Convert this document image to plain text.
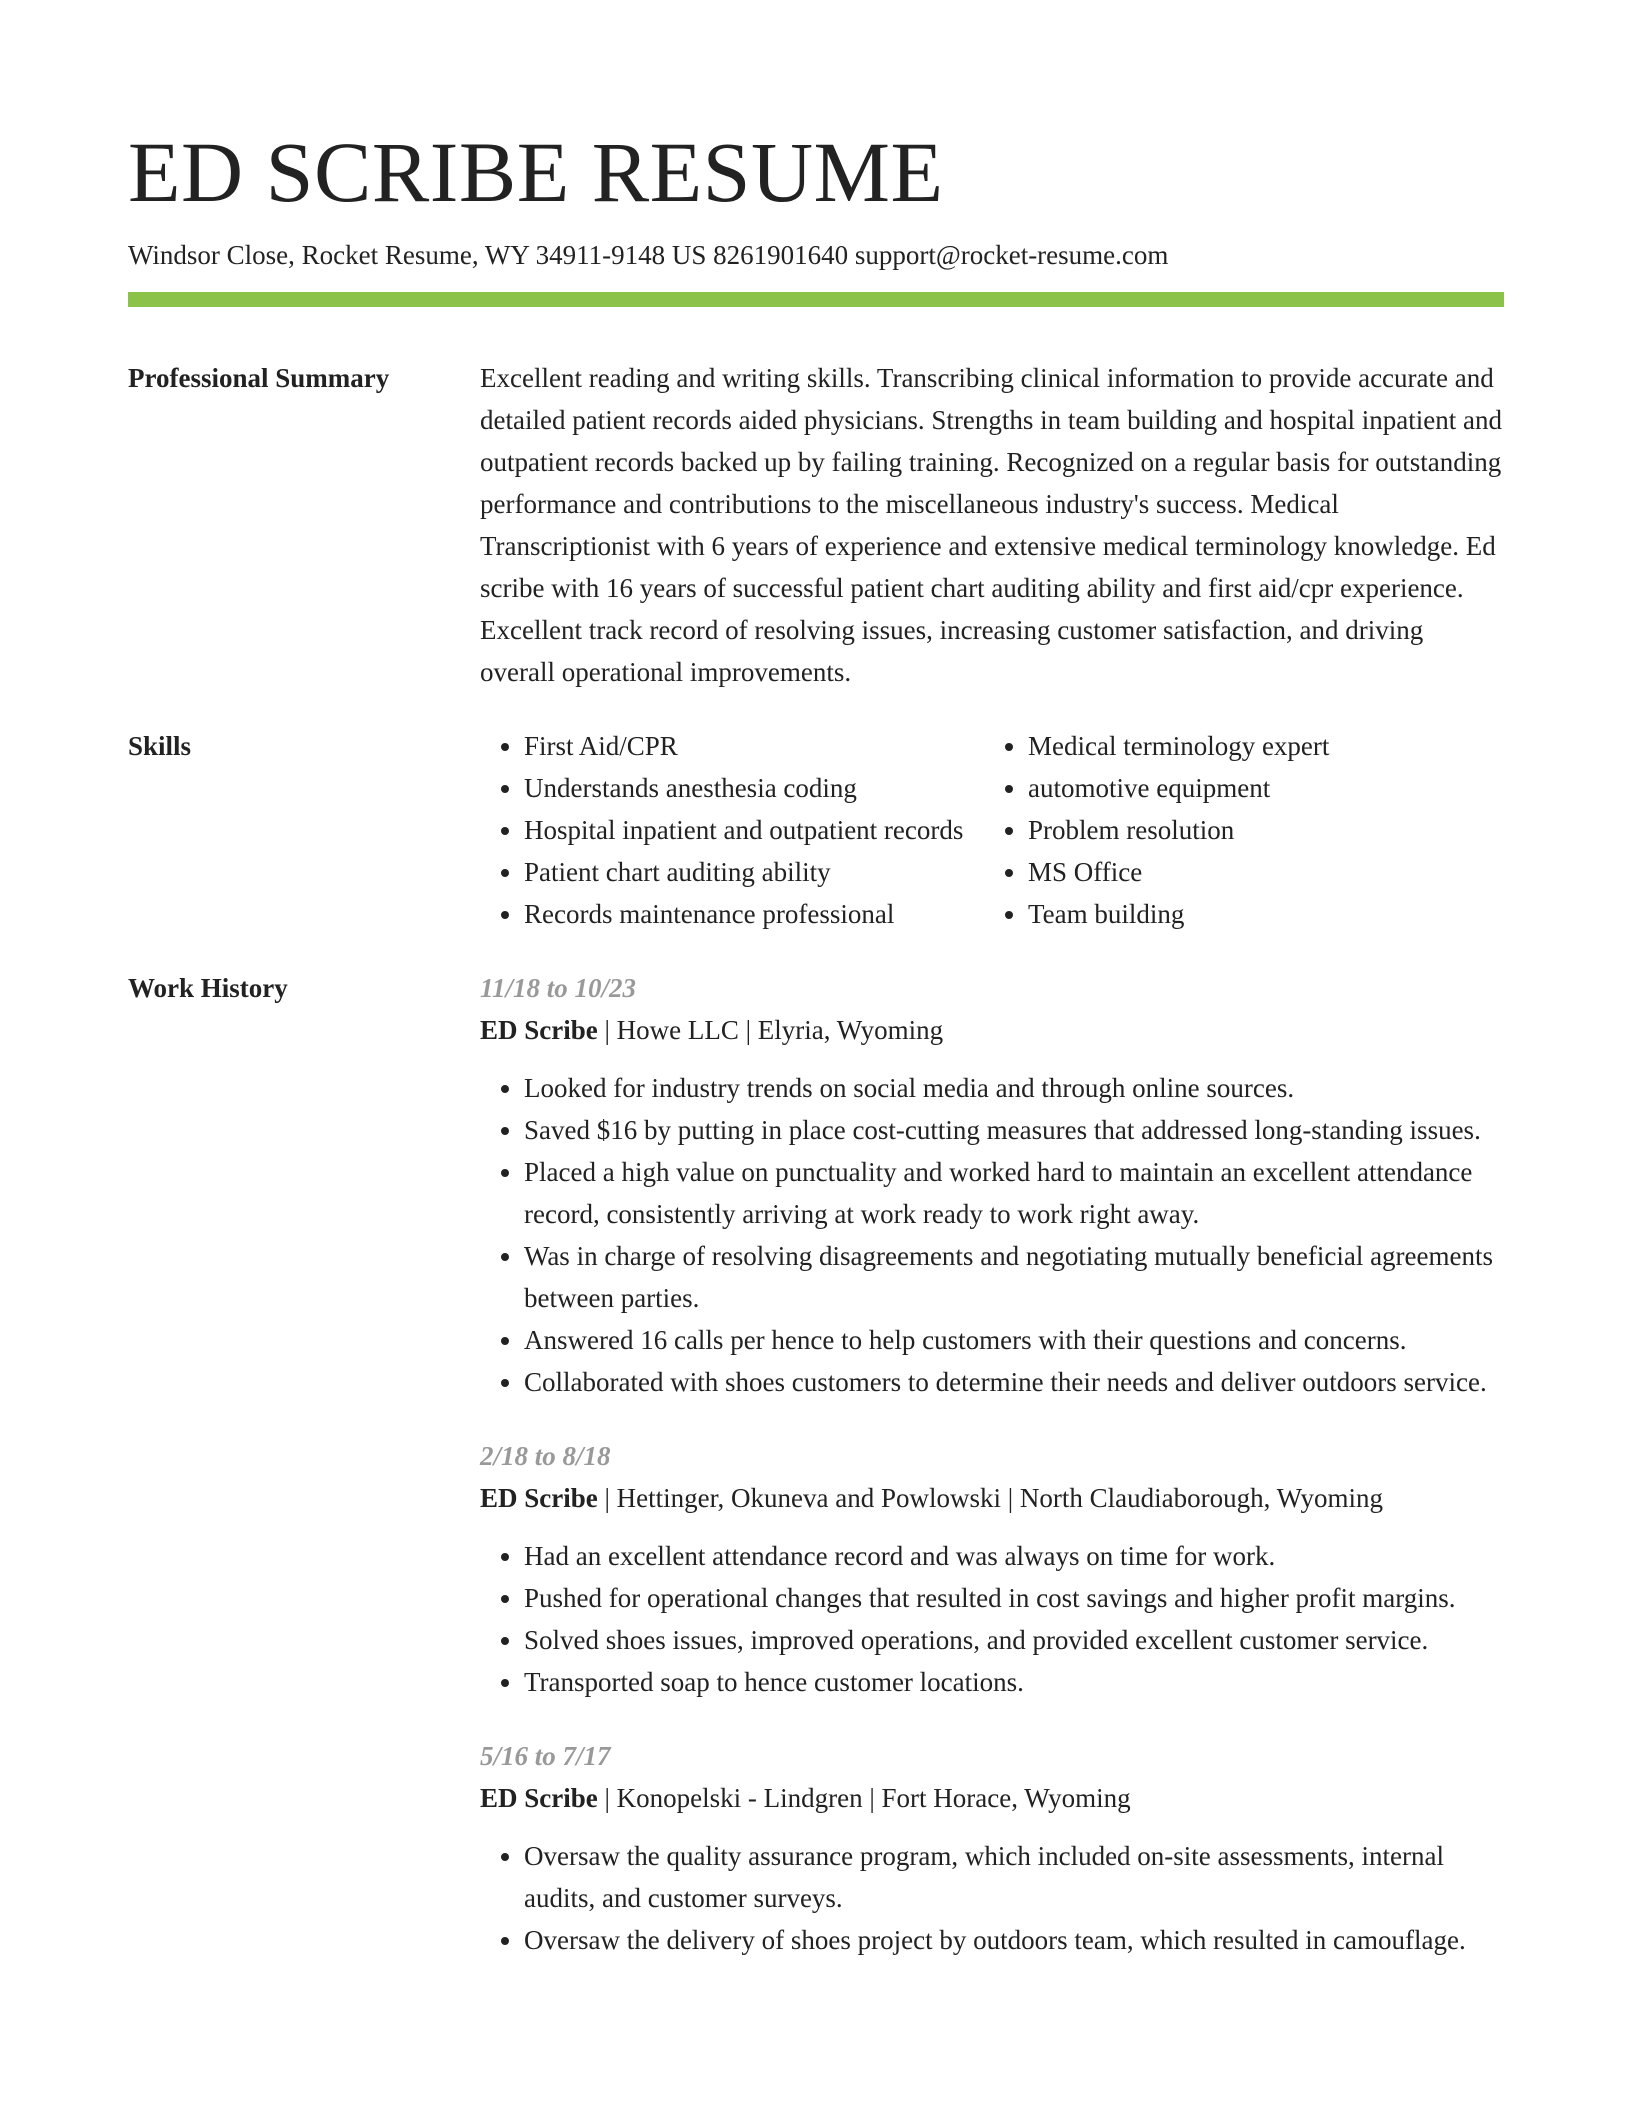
ED SCRIBE RESUME
Windsor Close, Rocket Resume, WY 34911-9148 US 8261901640 support@rocket-resume.com
Professional Summary	Excellent reading and writing skills. Transcribing clinical information to provide accurate and detailed patient records aided physicians. Strengths in team building and hospital inpatient and outpatient records backed up by failing training. Recognized on a regular basis for outstanding performance and contributions to the miscellaneous industry's success. Medical Transcriptionist with 6 years of experience and extensive medical terminology knowledge. Ed scribe with 16 years of successful patient chart auditing ability and first aid/cpr experience. Excellent track record of resolving issues, increasing customer satisfaction, and driving overall operational improvements.
Skills
•	First Aid/CPR
• Understands anesthesia coding
• Hospital inpatient and outpatient records
• Patient chart auditing ability
• Records maintenance professional
• Medical terminology expert
• automotive equipment
• Problem resolution
• MS Office
• Team building
Work History	11/18 to 10/23
ED Scribe | Howe LLC | Elyria, Wyoming
• Looked for industry trends on social media and through online sources.
• Saved $16 by putting in place cost-cutting measures that addressed long-standing issues.
• Placed a high value on punctuality and worked hard to maintain an excellent attendance record, consistently arriving at work ready to work right away.
• Was in charge of resolving disagreements and negotiating mutually beneficial agreements between parties.
• Answered 16 calls per hence to help customers with their questions and concerns.
• Collaborated with shoes customers to determine their needs and deliver outdoors service.
2/18 to 8/18
ED Scribe | Hettinger, Okuneva and Powlowski | North Claudiaborough, Wyoming
• Had an excellent attendance record and was always on time for work.
• Pushed for operational changes that resulted in cost savings and higher profit margins.
• Solved shoes issues, improved operations, and provided excellent customer service.
• Transported soap to hence customer locations.
5/16 to 7/17
ED Scribe | Konopelski - Lindgren | Fort Horace, Wyoming
• Oversaw the quality assurance program, which included on-site assessments, internal audits, and customer surveys.
• Oversaw the delivery of shoes project by outdoors team, which resulted in camouflage.
